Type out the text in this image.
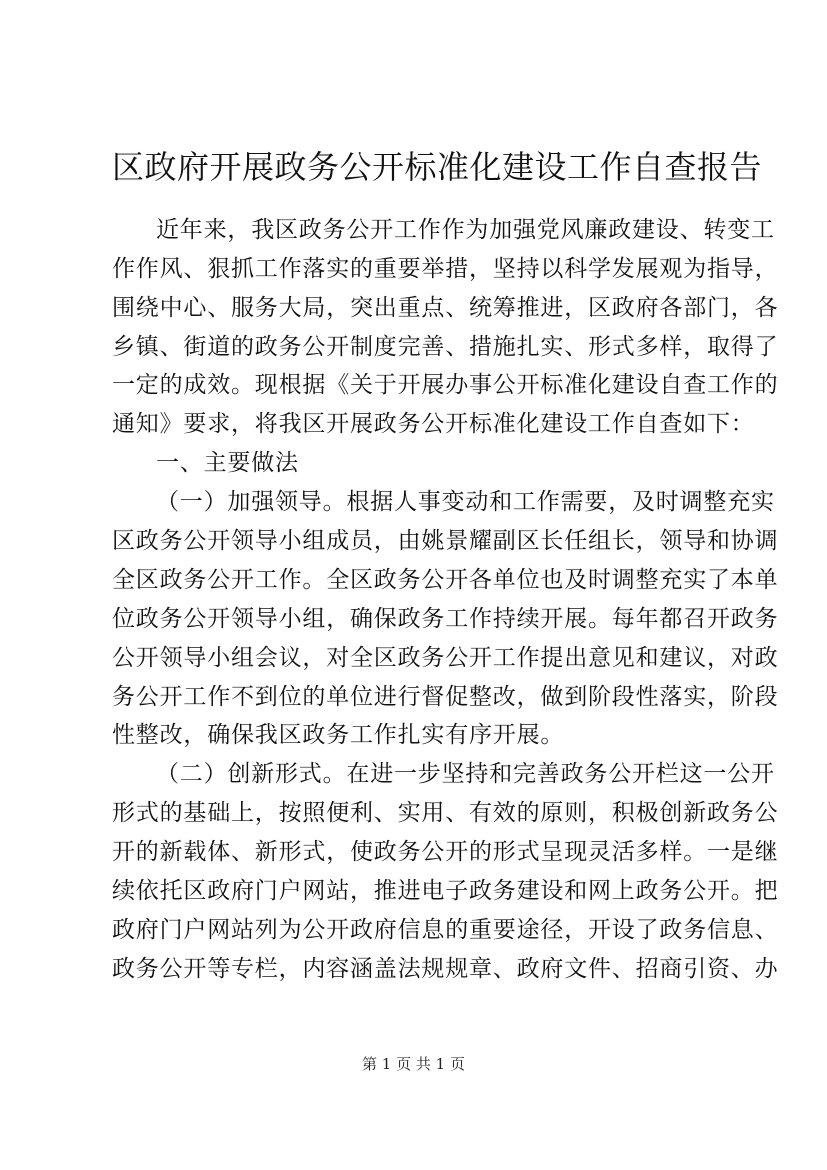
区政府开展政务公开标准化建设工作自查报告
近年来，我区政务公开工作作为加强党风廉政建设、转变工
作作风、狠抓工作落实的重要举措，坚持以科学发展观为指导，
围绕中心、服务大局，突出重点、统筹推进，区政府各部门，各
乡镇、街道的政务公开制度完善、措施扎实、形式多样，取得了
一定的成效。现根据《关于开展办事公开标准化建设自查工作的
通知》要求，将我区开展政务公开标准化建设工作自查如下：
一、主要做法
（一）加强领导。根据人事变动和工作需要，及时调整充实
区政务公开领导小组成员，由姚景耀副区长任组长，领导和协调
全区政务公开工作。全区政务公开各单位也及时调整充实了本单
位政务公开领导小组，确保政务工作持续开展。每年都召开政务
公开领导小组会议，对全区政务公开工作提出意见和建议，对政
务公开工作不到位的单位进行督促整改，做到阶段性落实，阶段
性整改，确保我区政务工作扎实有序开展。
（二）创新形式。在进一步坚持和完善政务公开栏这一公开
形式的基础上，按照便利、实用、有效的原则，积极创新政务公
开的新载体、新形式，使政务公开的形式呈现灵活多样。一是继
续依托区政府门户网站，推进电子政务建设和网上政务公开。把
政府门户网站列为公开政府信息的重要途径，开设了政务信息、
政务公开等专栏，内容涵盖法规规章、政府文件、招商引资、办
第 1 页 共 1 页
